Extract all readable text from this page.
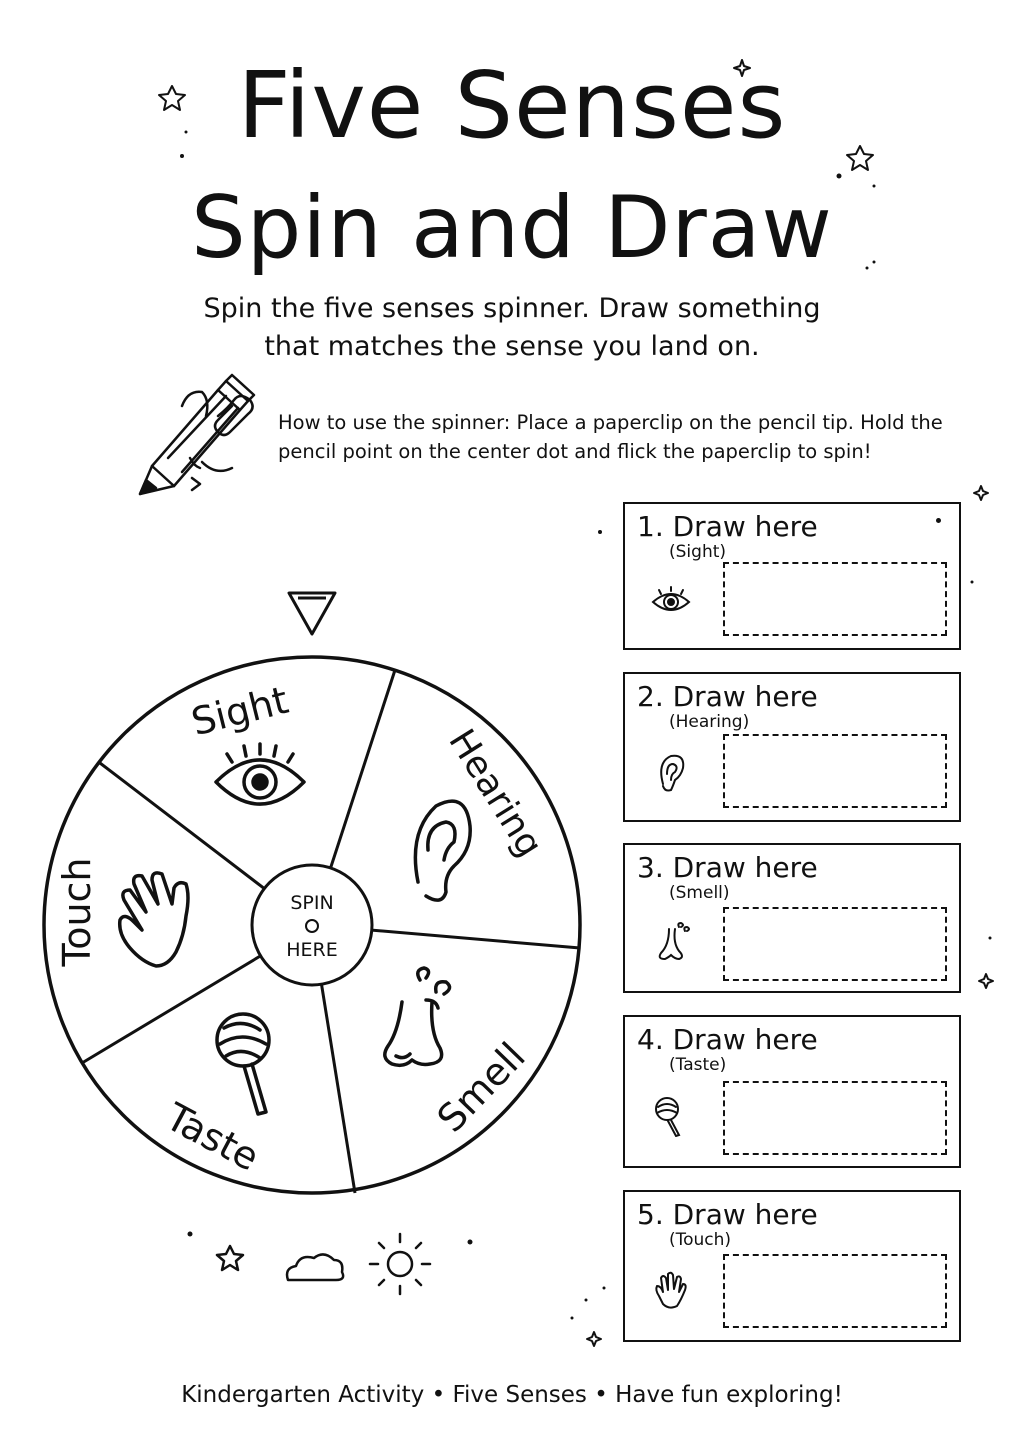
Five Senses
Spin and Draw
Spin the five senses spinner. Draw something
that matches the sense you land on.
How to use the spinner: Place a paperclip on the pencil tip. Hold the
pencil point on the center dot and flick the paperclip to spin!
SPIN
HERE
Sight
Hearing
Smell
Taste
Touch
1. Draw here
(Sight)
2. Draw here
(Hearing)
3. Draw here
(Smell)
4. Draw here
(Taste)
5. Draw here
(Touch)
Kindergarten Activity • Five Senses • Have fun exploring!
